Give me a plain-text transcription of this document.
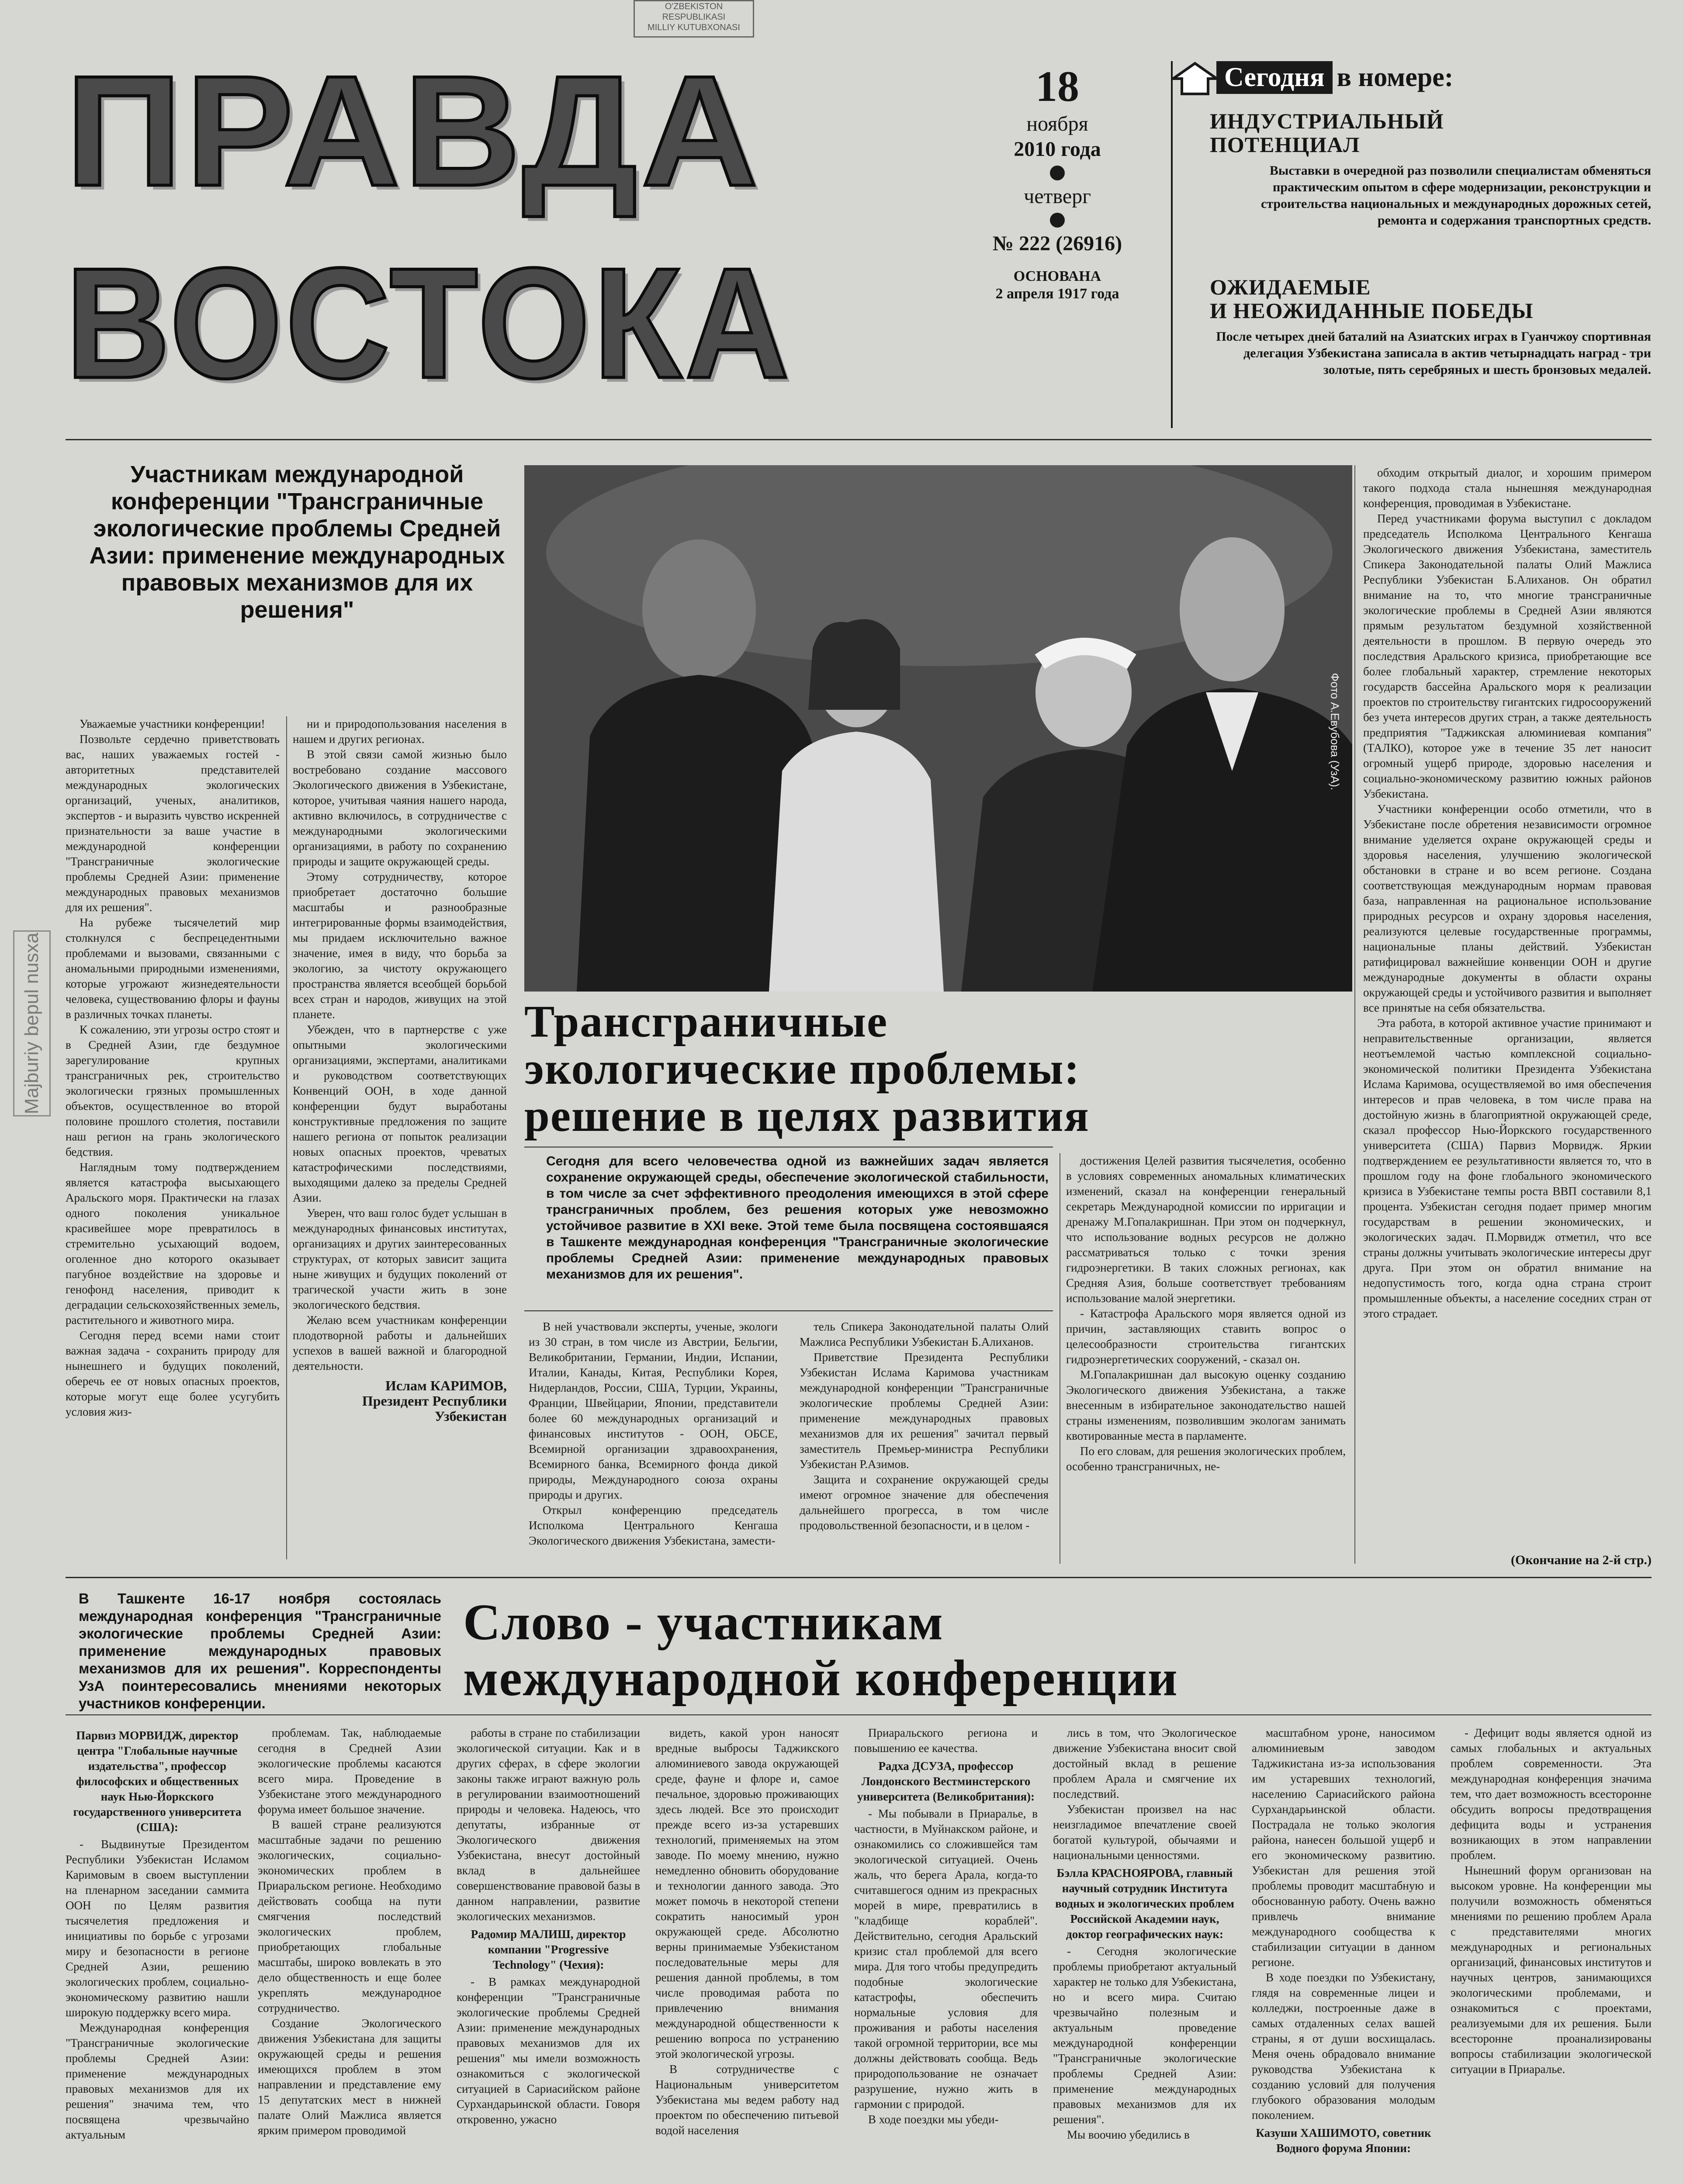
O'ZBEKISTON
RESPUBLIKASI
MILLIY KUTUBXONASI
Majburiy bepul nusxa
ПРАВДА
ВОСТОКА
18
ноября
2010 года
четверг
№ 222 (26916)
ОСНОВАНА
2 апреля 1917 года
Сегодня в номере:
ИНДУСТРИАЛЬНЫЙ
ПОТЕНЦИАЛ
Выставки в очередной раз позволили специалистам обменяться практическим опытом в сфере модернизации, реконструкции и строительства национальных и международных дорожных сетей, ремонта и содержания транспортных средств.
ОЖИДАЕМЫЕ
И НЕОЖИДАННЫЕ ПОБЕДЫ
После четырех дней баталий на Азиатских играх в Гуанчжоу спортивная делегация Узбекистана записала в актив четырнадцать наград - три золотые, пять серебряных и шесть бронзовых медалей.
Участникам международной конференции "Трансграничные экологические проблемы Средней Азии: применение международных правовых механизмов для их решения"

Уважаемые участники конференции!

Позвольте сердечно приветствовать вас, наших уважаемых гостей - авторитетных представителей международных экологических организаций, ученых, аналитиков, экспертов - и выразить чувство искренней признательности за ваше участие в международной конференции "Трансграничные экологические проблемы Средней Азии: применение международных правовых механизмов для их решения".

На рубеже тысячелетий мир столкнулся с беспрецедентными проблемами и вызовами, связанными с аномальными природными изменениями, которые угрожают жизнедеятельности человека, существованию флоры и фауны в различных точках планеты.

К сожалению, эти угрозы остро стоят и в Средней Азии, где бездумное зарегулирование крупных трансграничных рек, строительство экологически грязных промышленных объектов, осуществленное во второй половине прошлого столетия, поставили наш регион на грань экологического бедствия.

Наглядным тому подтверждением является катастрофа высыхающего Аральского моря. Практически на глазах одного поколения уникальное красивейшее море превратилось в стремительно усыхающий водоем, оголенное дно которого оказывает пагубное воздействие на здоровье и генофонд населения, приводит к деградации сельскохозяйственных земель, растительного и животного мира.

Сегодня перед всеми нами стоит важная задача - сохранить природу для нынешнего и будущих поколений, оберечь ее от новых опасных проектов, которые могут еще более усугубить условия жиз-

ни и природопользования населения в нашем и других регионах.

В этой связи самой жизнью было востребовано создание массового Экологического движения в Узбекистане, которое, учитывая чаяния нашего народа, активно включилось, в сотрудничестве с международными экологическими организациями, в работу по сохранению природы и защите окружающей среды.

Этому сотрудничеству, которое приобретает достаточно большие масштабы и разнообразные интегрированные формы взаимодействия, мы придаем исключительно важное значение, имея в виду, что борьба за экологию, за чистоту окружающего пространства является всеобщей борьбой всех стран и народов, живущих на этой планете.

Убежден, что в партнерстве с уже опытными экологическими организациями, экспертами, аналитиками и руководством соответствующих Конвенций ООН, в ходе данной конференции будут выработаны конструктивные предложения по защите нашего региона от попыток реализации новых опасных проектов, чреватых катастрофическими последствиями, выходящими далеко за пределы Средней Азии.

Уверен, что ваш голос будет услышан в международных финансовых институтах, организациях и других заинтересованных структурах, от которых зависит защита ныне живущих и будущих поколений от трагической участи жить в зоне экологического бедствия.

Желаю всем участникам конференции плодотворной работы и дальнейших успехов в вашей важной и благородной деятельности.

Ислам КАРИМОВ,

Президент Республики

Узбекистан

Фото А.Евубова (УзА).
Трансграничные
экологические проблемы:
решение в целях развития
Сегодня для всего человечества одной из важнейших задач является сохранение окружающей среды, обеспечение экологической стабильности, в том числе за счет эффективного преодоления имеющихся в этой сфере трансграничных проблем, без решения которых уже невозможно устойчивое развитие в XXI веке. Этой теме была посвящена состоявшаяся в Ташкенте международная конференция "Трансграничные экологические проблемы Средней Азии: применение международных правовых механизмов для их решения".

В ней участвовали эксперты, ученые, экологи из 30 стран, в том числе из Австрии, Бельгии, Великобритании, Германии, Индии, Испании, Италии, Канады, Китая, Республики Корея, Нидерландов, России, США, Турции, Украины, Франции, Швейцарии, Японии, представители более 60 международных организаций и финансовых институтов - ООН, ОБСЕ, Всемирной организации здравоохранения, Всемирного банка, Всемирного фонда дикой природы, Международного союза охраны природы и других.

Открыл конференцию председатель Исполкома Центрального Кенгаша Экологического движения Узбекистана, замести-

тель Спикера Законодательной палаты Олий Мажлиса Республики Узбекистан Б.Алиханов.

Приветствие Президента Республики Узбекистан Ислама Каримова участникам международной конференции "Трансграничные экологические проблемы Средней Азии: применение международных правовых механизмов для их решения" зачитал первый заместитель Премьер-министра Республики Узбекистан Р.Азимов.

Защита и сохранение окружающей среды имеют огромное значение для обеспечения дальнейшего прогресса, в том числе продовольственной безопасности, и в целом -

достижения Целей развития тысячелетия, особенно в условиях современных аномальных климатических изменений, сказал на конференции генеральный секретарь Международной комиссии по ирригации и дренажу М.Гопалакришнан. При этом он подчеркнул, что использование водных ресурсов не должно рассматриваться только с точки зрения гидроэнергетики. В таких сложных регионах, как Средняя Азия, больше соответствует требованиям использование малой энергетики.

- Катастрофа Аральского моря является одной из причин, заставляющих ставить вопрос о целесообразности строительства гигантских гидроэнергетических сооружений, - сказал он.

М.Гопалакришнан дал высокую оценку созданию Экологического движения Узбекистана, а также внесенным в избирательное законодательство нашей страны изменениям, позволившим экологам занимать квотированные места в парламенте.

По его словам, для решения экологических проблем, особенно трансграничных, не-

обходим открытый диалог, и хорошим примером такого подхода стала нынешняя международная конференция, проводимая в Узбекистане.

Перед участниками форума выступил с докладом председатель Исполкома Центрального Кенгаша Экологического движения Узбекистана, заместитель Спикера Законодательной палаты Олий Мажлиса Республики Узбекистан Б.Алиханов. Он обратил внимание на то, что многие трансграничные экологические проблемы в Средней Азии являются прямым результатом бездумной хозяйственной деятельности в прошлом. В первую очередь это последствия Аральского кризиса, приобретающие все более глобальный характер, стремление некоторых государств бассейна Аральского моря к реализации проектов по строительству гигантских гидросооружений без учета интересов других стран, а также деятельность предприятия "Таджикская алюминиевая компания" (ТАЛКО), которое уже в течение 35 лет наносит огромный ущерб природе, здоровью населения и социально-экономическому развитию южных районов Узбекистана.

Участники конференции особо отметили, что в Узбекистане после обретения независимости огромное внимание уделяется охране окружающей среды и здоровья населения, улучшению экологической обстановки в стране и во всем регионе. Создана соответствующая международным нормам правовая база, направленная на рациональное использование природных ресурсов и охрану здоровья населения, реализуются целевые государственные программы, национальные планы действий. Узбекистан ратифицировал важнейшие конвенции ООН и другие международные документы в области охраны окружающей среды и устойчивого развития и выполняет все принятые на себя обязательства.

Эта работа, в которой активное участие принимают и неправительственные организации, является неотъемлемой частью комплексной социально-экономической политики Президента Узбекистана Ислама Каримова, осуществляемой во имя обеспечения интересов и прав человека, в том числе права на достойную жизнь в благоприятной окружающей среде, сказал профессор Нью-Йоркского государственного университета (США) Парвиз Морвидж. Яркии подтверждением ее результативности является то, что в прошлом году на фоне глобального экономического кризиса в Узбекистане темпы роста ВВП составили 8,1 процента. Узбекистан сегодня подает пример многим государствам в решении экономических, и экологических задач. П.Морвидж отметил, что все страны должны учитывать экологические интересы друг друга. При этом он обратил внимание на недопустимость того, когда одна страна строит промышленные объекты, а население соседних стран от этого страдает.

(Окончание на 2-й стр.)
В Ташкенте 16-17 ноября состоялась международная конференция "Трансграничные экологические проблемы Средней Азии: применение международных правовых механизмов для их решения". Корреспонденты УзА поинтересовались мнениями некоторых участников конференции.
Слово - участникам
международной конференции

Парвиз МОРВИДЖ, директор центра "Глобальные научные издательства", профессор философских и общественных наук Нью-Йоркского государственного университета (США):

- Выдвинутые Президентом Республики Узбекистан Исламом Каримовым в своем выступлении на пленарном заседании саммита ООН по Целям развития тысячелетия предложения и инициативы по борьбе с угрозами миру и безопасности в регионе Средней Азии, решению экологических проблем, социально-экономическому развитию нашли широкую поддержку всего мира.

Международная конференция "Трансграничные экологические проблемы Средней Азии: применение международных правовых механизмов для их решения" значима тем, что посвящена чрезвычайно актуальным

проблемам. Так, наблюдаемые сегодня в Средней Азии экологические проблемы касаются всего мира. Проведение в Узбекистане этого международного форума имеет большое значение.

В вашей стране реализуются масштабные задачи по решению экологических, социально-экономических проблем в Приаральском регионе. Необходимо действовать сообща на пути смягчения последствий экологических проблем, приобретающих глобальные масштабы, широко вовлекать в это дело общественность и еще более укреплять международное сотрудничество.

Создание Экологического движения Узбекистана для защиты окружающей среды и решения имеющихся проблем в этом направлении и представление ему 15 депутатских мест в нижней палате Олий Мажлиса является ярким примером проводимой

работы в стране по стабилизации экологической ситуации. Как и в других сферах, в сфере экологии законы также играют важную роль в регулировании взаимоотношений природы и человека. Надеюсь, что депутаты, избранные от Экологического движения Узбекистана, внесут достойный вклад в дальнейшее совершенствование правовой базы в данном направлении, развитие экологических механизмов.

Радомир МАЛИШ, директор компании "Progressive Technology" (Чехия):

- В рамках международной конференции "Трансграничные экологические проблемы Средней Азии: применение международных правовых механизмов для их решения" мы имели возможность ознакомиться с экологической ситуацией в Сариасийском районе Сурхандарьинской области. Говоря откровенно, ужасно

видеть, какой урон наносят вредные выбросы Таджикского алюминиевого завода окружающей среде, фауне и флоре и, самое печальное, здоровью проживающих здесь людей. Все это происходит прежде всего из-за устаревших технологий, применяемых на этом заводе. По моему мнению, нужно немедленно обновить оборудование и технологии данного завода. Это может помочь в некоторой степени сократить наносимый урон окружающей среде. Абсолютно верны принимаемые Узбекистаном последовательные меры для решения данной проблемы, в том числе проводимая работа по привлечению внимания международной общественности к решению вопроса по устранению этой экологической угрозы.

В сотрудничестве с Национальным университетом Узбекистана мы ведем работу над проектом по обеспечению питьевой водой населения

Приаральского региона и повышению ее качества.

Радха ДСУЗА, профессор Лондонского Вестминстерского университета (Великобритания):

- Мы побывали в Приаралье, в частности, в Муйнакском районе, и ознакомились со сложившейся там экологической ситуацией. Очень жаль, что берега Арала, когда-то считавшегося одним из прекрасных морей в мире, превратились в "кладбище кораблей". Действительно, сегодня Аральский кризис стал проблемой для всего мира. Для того чтобы предупредить подобные экологические катастрофы, обеспечить нормальные условия для проживания и работы населения такой огромной территории, все мы должны действовать сообща. Ведь природопользование не означает разрушение, нужно жить в гармонии с природой.

В ходе поездки мы убеди-

лись в том, что Экологическое движение Узбекистана вносит свой достойный вклад в решение проблем Арала и смягчение их последствий.

Узбекистан произвел на нас неизгладимое впечатление своей богатой культурой, обычаями и национальными ценностями.

Бэлла КРАСНОЯРОВА, главный научный сотрудник Института водных и экологических проблем Российской Академии наук, доктор географических наук:

- Сегодня экологические проблемы приобретают актуальный характер не только для Узбекистана, но и всего мира. Считаю чрезвычайно полезным и актуальным проведение международной конференции "Трансграничные экологические проблемы Средней Азии: применение международных правовых механизмов для их решения".

Мы воочию убедились в

масштабном уроне, наносимом алюминиевым заводом Таджикистана из-за использования им устаревших технологий, населению Сариасийского района Сурхандарьинской области. Пострадала не только экология района, нанесен большой ущерб и его экономическому развитию. Узбекистан для решения этой проблемы проводит масштабную и обоснованную работу. Очень важно привлечь внимание международного сообщества к стабилизации ситуации в данном регионе.

В ходе поездки по Узбекистану, глядя на современные лицеи и колледжи, построенные даже в самых отдаленных селах вашей страны, я от души восхищалась. Меня очень обрадовало внимание руководства Узбекистана к созданию условий для получения глубокого образования молодым поколением.

Казуши ХАШИМОТО, советник Водного форума Японии:

- Дефицит воды является одной из самых глобальных и актуальных проблем современности. Эта международная конференция значима тем, что дает возможность всесторонне обсудить вопросы предотвращения дефицита воды и устранения возникающих в этом направлении проблем.

Нынешний форум организован на высоком уровне. На конференции мы получили возможность обменяться мнениями по решению проблем Арала с представителями многих международных и региональных организаций, финансовых институтов и научных центров, занимающихся экологическими проблемами, и ознакомиться с проектами, реализуемыми для их решения. Были всесторонне проанализированы вопросы стабилизации экологической ситуации в Приаралье.
